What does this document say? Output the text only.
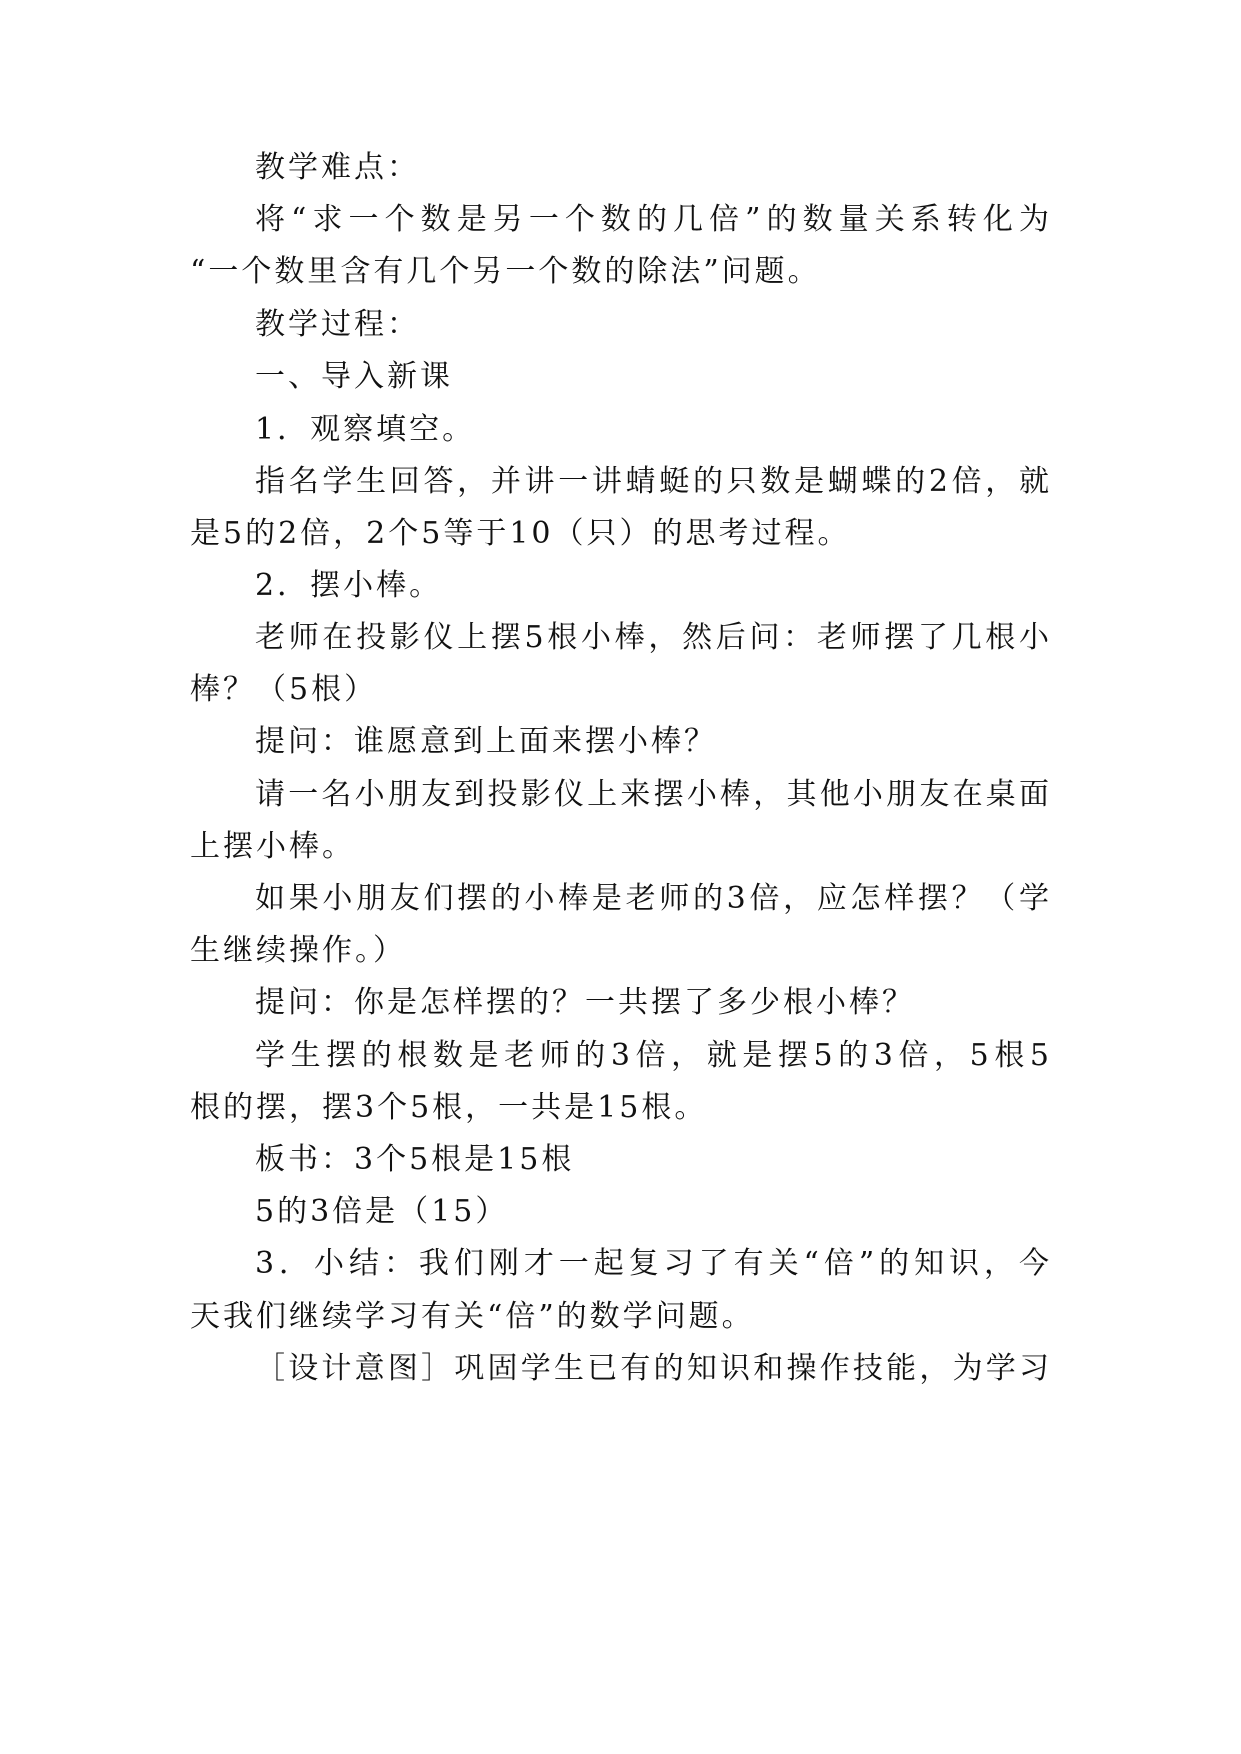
教学难点：
将“求一个数是另一个数的几倍”的数量关系转化为
“一个数里含有几个另一个数的除法”问题。
教学过程：
一、导入新课
1．观察填空。
指名学生回答，并讲一讲蜻蜓的只数是蝴蝶的2倍，就
是5的2倍，2个5等于10（只）的思考过程。
2．摆小棒。
老师在投影仪上摆5根小棒，然后问：老师摆了几根小
棒？（5根）
提问：谁愿意到上面来摆小棒？
请一名小朋友到投影仪上来摆小棒，其他小朋友在桌面
上摆小棒。
如果小朋友们摆的小棒是老师的3倍，应怎样摆？（学
生继续操作。）
提问：你是怎样摆的？一共摆了多少根小棒？
学生摆的根数是老师的3倍，就是摆5的3倍，5根5
根的摆，摆3个5根，一共是15根。
板书：3个5根是15根
5的3倍是（15）
3．小结：我们刚才一起复习了有关“倍”的知识，今
天我们继续学习有关“倍”的数学问题。
［设计意图］巩固学生已有的知识和操作技能，为学习
